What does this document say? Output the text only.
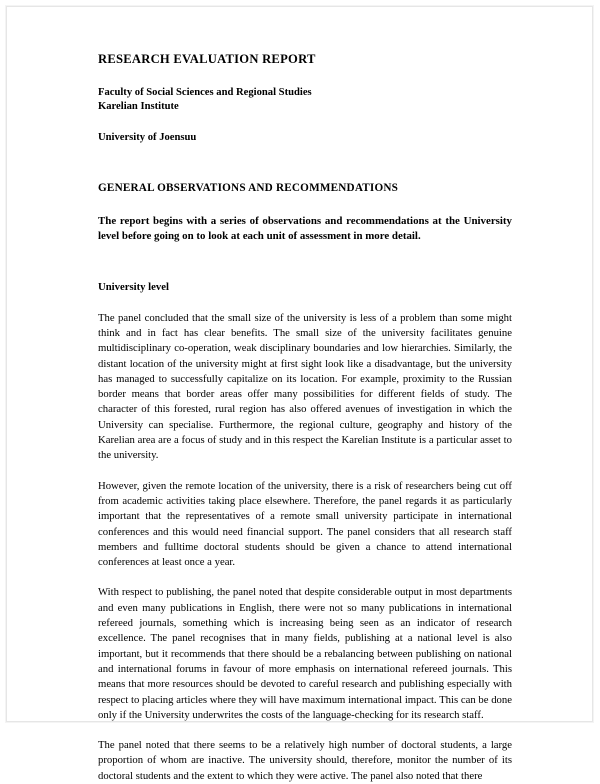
RESEARCH EVALUATION REPORT
Faculty of Social Sciences and Regional Studies
Karelian Institute
University of Joensuu
GENERAL OBSERVATIONS AND RECOMMENDATIONS

The report begins with a series of observations and recommendations at the University level before going on to look at each unit of assessment in more detail.

University level

The panel concluded that the small size of the university is less of a problem than some might think and in fact has clear benefits. The small size of the university facilitates genuine multidisciplinary co-operation, weak disciplinary boundaries and low hierarchies. Similarly, the distant location of the university might at first sight look like a disadvantage, but the university has managed to successfully capitalize on its location. For example, proximity to the Russian border means that border areas offer many possibilities for different fields of study. The character of this forested, rural region has also offered avenues of investigation in which the University can specialise. Furthermore, the regional culture, geography and history of the Karelian area are a focus of study and in this respect the Karelian Institute is a particular asset to the university.

However, given the remote location of the university, there is a risk of researchers being cut off from academic activities taking place elsewhere. Therefore, the panel regards it as particularly important that the representatives of a remote small university participate in international conferences and this would need financial support. The panel considers that all research staff members and fulltime doctoral students should be given a chance to attend international conferences at least once a year.

With respect to publishing, the panel noted that despite considerable output in most departments and even many publications in English, there were not so many publications in international refereed journals, something which is increasing being seen as an indicator of research excellence. The panel recognises that in many fields, publishing at a national level is also important, but it recommends that there should be a rebalancing between publishing on national and international forums in favour of more emphasis on international refereed journals. This means that more resources should be devoted to careful research and publishing especially with respect to placing articles where they will have maximum international impact. This can be done only if the University underwrites the costs of the language-checking for its research staff.

The panel noted that there seems to be a relatively high number of doctoral students, a large proportion of whom are inactive. The university should, therefore, monitor the number of its doctoral students and the extent to which they were active. The panel also noted that there
